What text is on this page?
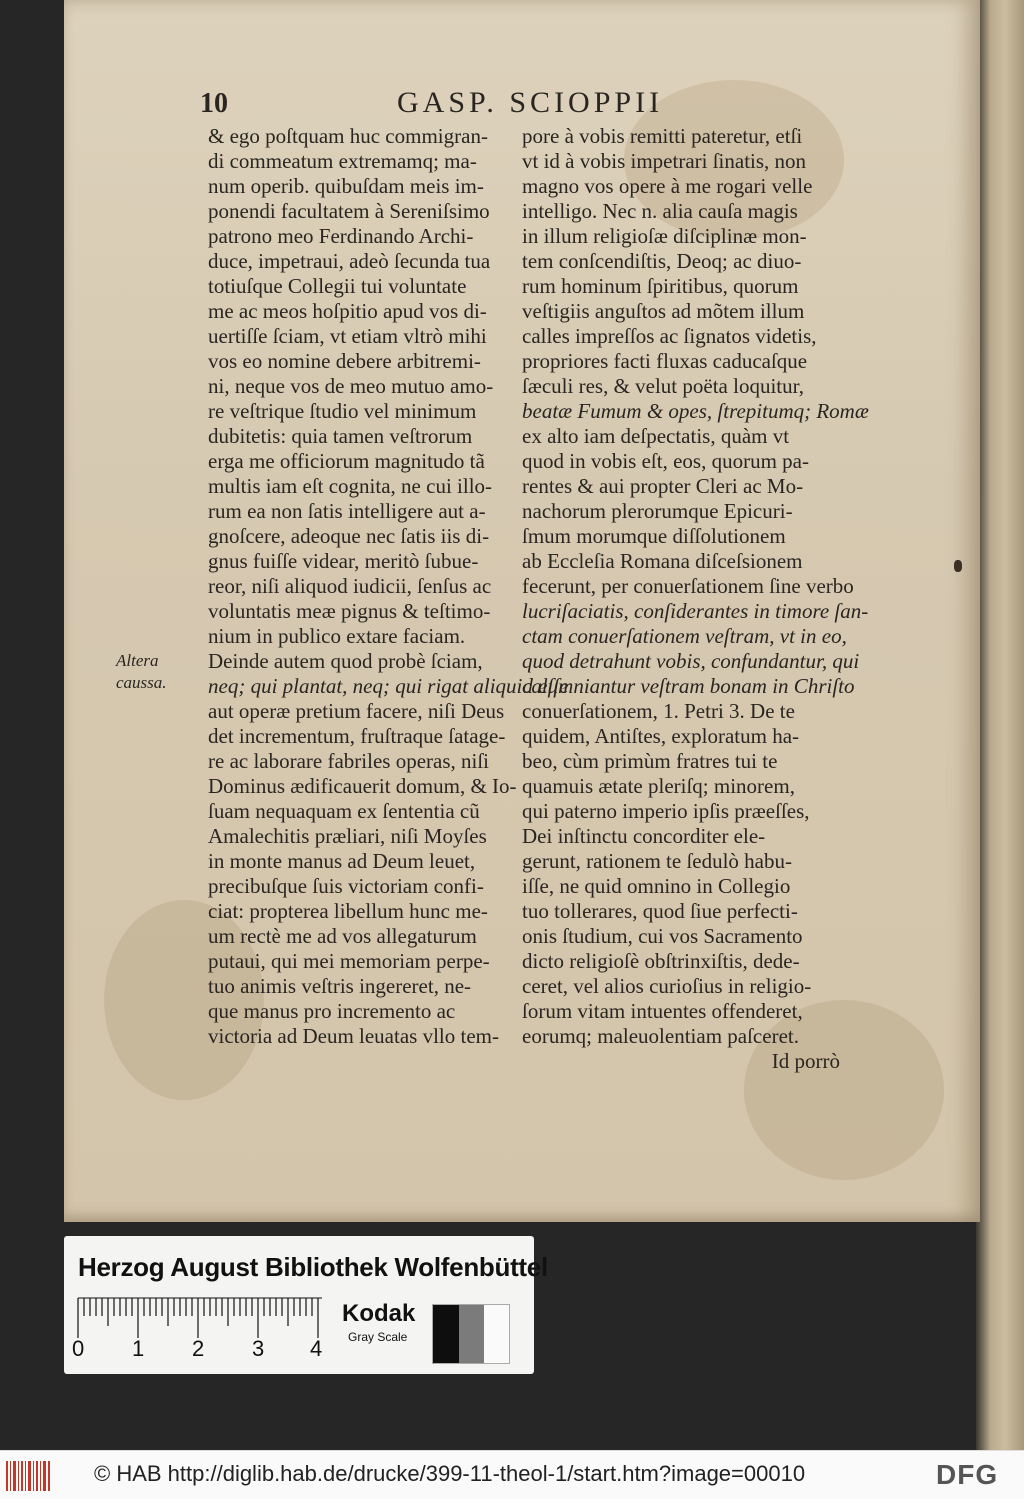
10	GASP. SCIOPPII
Altera
caussa.
& ego poſtquam huc commigran-
di commeatum extremamq; ma-
num operib. quibuſdam meis im-
ponendi facultatem à Sereniſsimo
patrono meo Ferdinando Archi-
duce, impetraui, adeò ſecunda tua
totiuſque Collegii tui voluntate
me ac meos hoſpitio apud vos di-
uertiſſe ſciam, vt etiam vltrò mihi
vos eo nomine debere arbitremi-
ni, neque vos de meo mutuo amo-
re veſtrique ſtudio vel minimum
dubitetis: quia tamen veſtrorum
erga me officiorum magnitudo tã
multis iam eſt cognita, ne cui illo-
rum ea non ſatis intelligere aut a-
gnoſcere, adeoque nec ſatis iis di-
gnus fuiſſe videar, meritò ſubue-
reor, niſi aliquod iudicii, ſenſus ac
voluntatis meæ pignus & teſtimo-
nium in publico extare faciam.
Deinde autem quod probè ſciam,
neq; qui plantat, neq; qui rigat aliquid eſſe
aut operæ pretium facere, niſi Deus
det incrementum, fruſtraque ſatage-
re ac laborare fabriles operas, niſi
Dominus ædificauerit domum, & Io-
ſuam nequaquam ex ſententia cũ
Amalechitis præliari, niſi Moyſes
in monte manus ad Deum leuet,
precibuſque ſuis victoriam confi-
ciat: propterea libellum hunc me-
um rectè me ad vos allegaturum
putaui, qui mei memoriam perpe-
tuo animis veſtris ingereret, ne-
que manus pro incremento ac
victoria ad Deum leuatas vllo tem-
pore à vobis remitti pateretur, etſi
vt id à vobis impetrari ſinatis, non
magno vos opere à me rogari velle
intelligo. Nec n. alia cauſa magis
in illum religioſæ diſciplinæ mon-
tem conſcendiſtis, Deoq; ac diuo-
rum hominum ſpiritibus, quorum
veſtigiis anguſtos ad mõtem illum
calles impreſſos ac ſignatos videtis,
propriores facti fluxas caducaſque
ſæculi res, & velut poëta loquitur,
beatæ Fumum & opes, ſtrepitumq; Romæ
ex alto iam deſpectatis, quàm vt
quod in vobis eſt, eos, quorum pa-
rentes & aui propter Cleri ac Mo-
nachorum plerorumque Epicuri-
ſmum morumque diſſolutionem
ab Eccleſia Romana diſceſsionem
fecerunt, per conuerſationem ſine verbo
lucriſaciatis, conſiderantes in timore ſan-
ctam conuerſationem veſtram, vt in eo,
quod detrahunt vobis, confundantur, qui
calumniantur veſtram bonam in Chriſto
conuerſationem, 1. Petri 3. De te
quidem, Antiſtes, exploratum ha-
beo, cùm primùm fratres tui te
quamuis ætate pleriſq; minorem,
qui paterno imperio ipſis præeſſes,
Dei inſtinctu concorditer ele-
gerunt, rationem te ſedulò habu-
iſſe, ne quid omnino in Collegio
tuo tollerares, quod ſiue perfecti-
onis ſtudium, cui vos Sacramento
dicto religioſè obſtrinxiſtis, dede-
ceret, vel alios curioſius in religio-
ſorum vitam intuentes offenderet,
eorumq; maleuolentiam paſceret.
Id porrò
Herzog August Bibliothek Wolfenbüttel
0 1 2 3 4
Kodak
Gray Scale
© HAB http://diglib.hab.de/drucke/399-11-theol-1/start.htm?image=00010	DFG
